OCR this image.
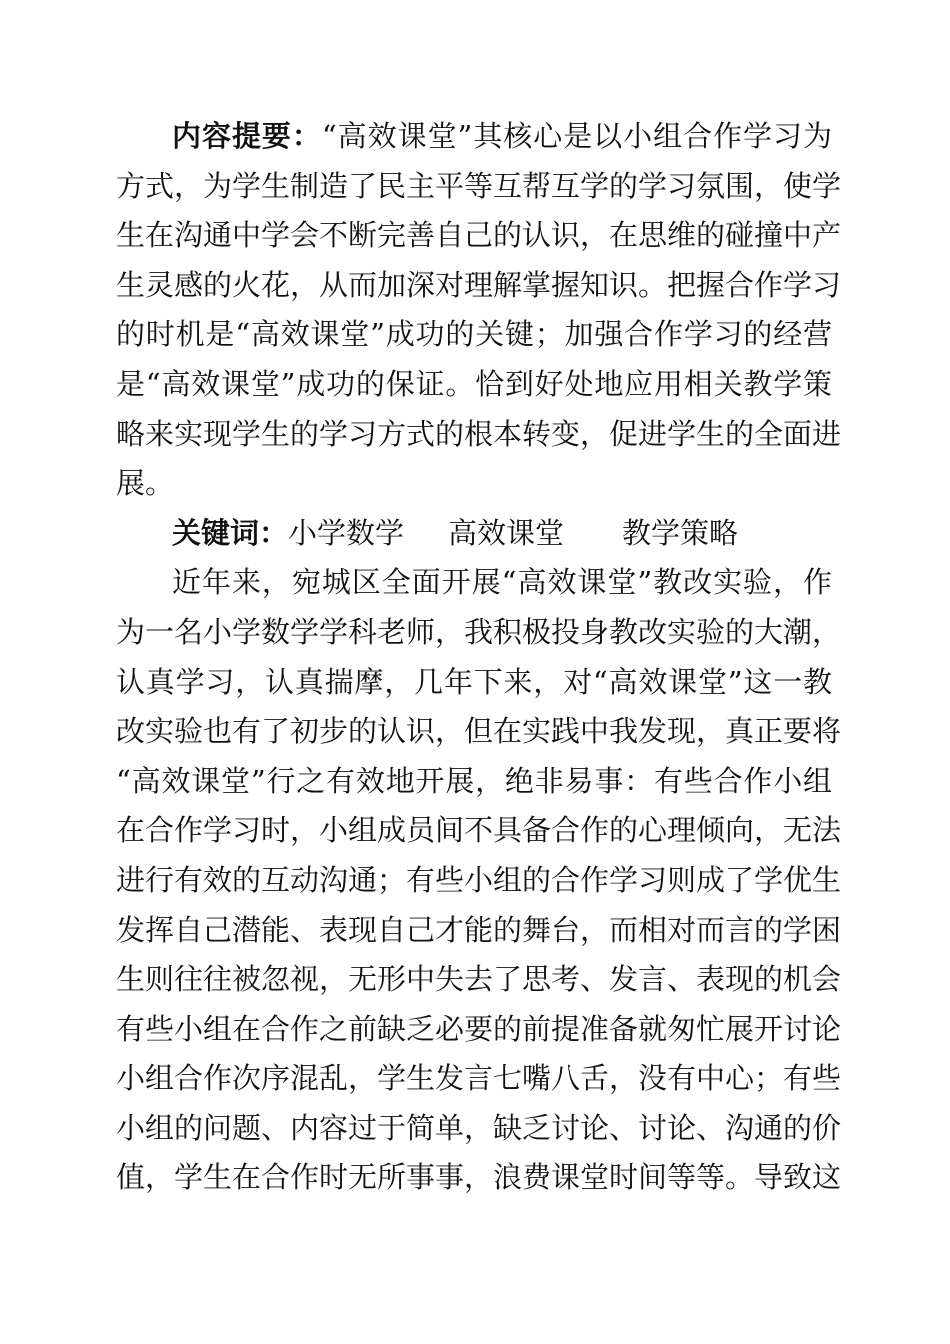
内容提要：“高效课堂”其核心是以小组合作学习为
方式，为学生制造了民主平等互帮互学的学习氛围，使学
生在沟通中学会不断完善自己的认识，在思维的碰撞中产
生灵感的火花，从而加深对理解掌握知识。把握合作学习
的时机是“高效课堂”成功的关键；加强合作学习的经营
是“高效课堂”成功的保证。恰到好处地应用相关教学策
略来实现学生的学习方式的根本转变，促进学生的全面进
展。
关键词：小学数学 高效课堂 教学策略
近年来，宛城区全面开展“高效课堂”教改实验，作
为一名小学数学学科老师，我积极投身教改实验的大潮，
认真学习，认真揣摩，几年下来，对“高效课堂”这一教
改实验也有了初步的认识，但在实践中我发现，真正要将
“高效课堂”行之有效地开展，绝非易事：有些合作小组
在合作学习时，小组成员间不具备合作的心理倾向，无法
进行有效的互动沟通；有些小组的合作学习则成了学优生
发挥自己潜能、表现自己才能的舞台，而相对而言的学困
生则往往被忽视，无形中失去了思考、发言、表现的机会
有些小组在合作之前缺乏必要的前提准备就匆忙展开讨论
小组合作次序混乱，学生发言七嘴八舌，没有中心；有些
小组的问题、内容过于简单，缺乏讨论、讨论、沟通的价
值，学生在合作时无所事事，浪费课堂时间等等。导致这
